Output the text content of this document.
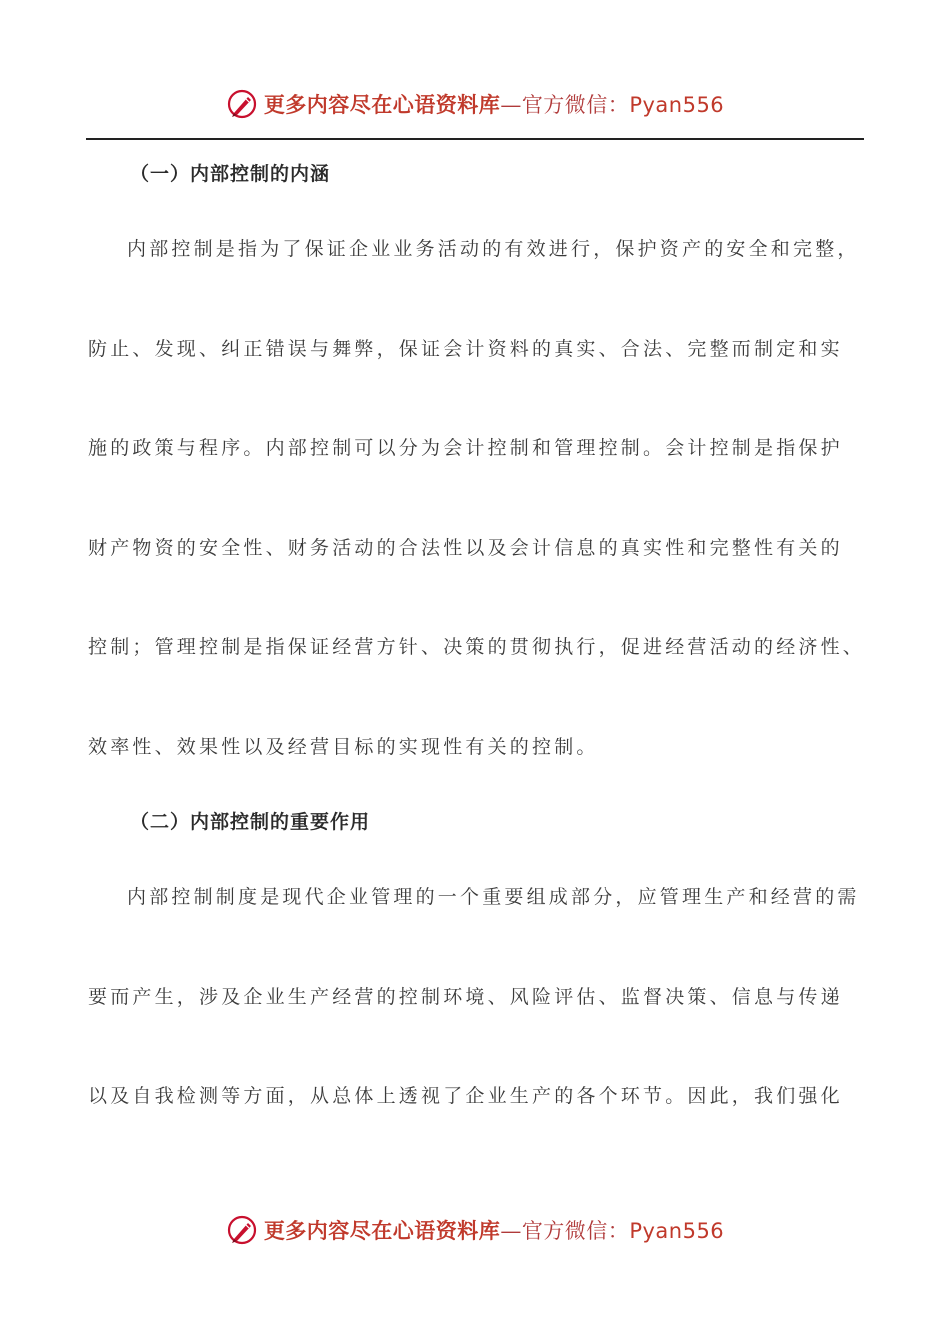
更多内容尽在心语资料库—官方微信：Pyan556
（一）内部控制的内涵
内部控制是指为了保证企业业务活动的有效进行，保护资产的安全和完整，
防止、发现、纠正错误与舞弊，保证会计资料的真实、合法、完整而制定和实
施的政策与程序。内部控制可以分为会计控制和管理控制。会计控制是指保护
财产物资的安全性、财务活动的合法性以及会计信息的真实性和完整性有关的
控制；管理控制是指保证经营方针、决策的贯彻执行，促进经营活动的经济性、
效率性、效果性以及经营目标的实现性有关的控制。
（二）内部控制的重要作用
内部控制制度是现代企业管理的一个重要组成部分，应管理生产和经营的需
要而产生，涉及企业生产经营的控制环境、风险评估、监督决策、信息与传递
以及自我检测等方面，从总体上透视了企业生产的各个环节。因此，我们强化
更多内容尽在心语资料库—官方微信：Pyan556
